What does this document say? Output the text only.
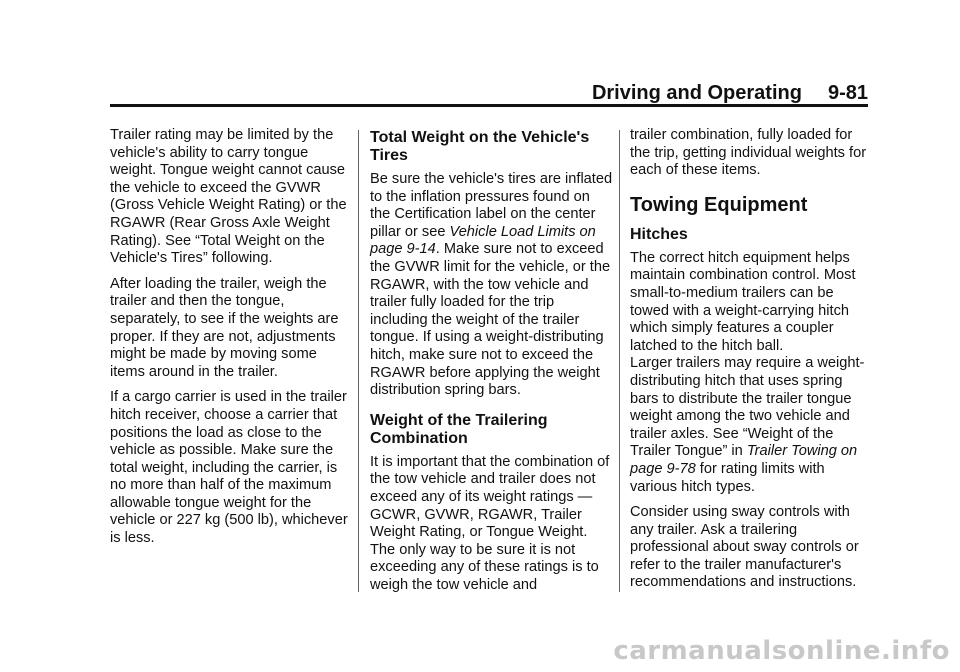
Driving and Operating 9-81

Trailer rating may be limited by the vehicle's ability to carry tongue weight. Tongue weight cannot cause the vehicle to exceed the GVWR (Gross Vehicle Weight Rating) or the RGAWR (Rear Gross Axle Weight Rating). See “Total Weight on the Vehicle's Tires” following.

After loading the trailer, weigh the trailer and then the tongue, separately, to see if the weights are proper. If they are not, adjustments might be made by moving some items around in the trailer.

If a cargo carrier is used in the trailer hitch receiver, choose a carrier that positions the load as close to the vehicle as possible. Make sure the total weight, including the carrier, is no more than half of the maximum allowable tongue weight for the vehicle or 227 kg (500 lb), whichever is less.

Total Weight on the Vehicle's Tires

Be sure the vehicle's tires are inflated to the inflation pressures found on the Certification label on the center pillar or see Vehicle Load Limits on page 9-14. Make sure not to exceed the GVWR limit for the vehicle, or the RGAWR, with the tow vehicle and trailer fully loaded for the trip including the weight of the trailer tongue. If using a weight-distributing hitch, make sure not to exceed the RGAWR before applying the weight distribution spring bars.

Weight of the Trailering Combination

It is important that the combination of the tow vehicle and trailer does not exceed any of its weight ratings — GCWR, GVWR, RGAWR, Trailer Weight Rating, or Tongue Weight. The only way to be sure it is not exceeding any of these ratings is to weigh the tow vehicle and

trailer combination, fully loaded for the trip, getting individual weights for each of these items.

Towing Equipment
Hitches

The correct hitch equipment helps maintain combination control. Most small-to-medium trailers can be towed with a weight-carrying hitch which simply features a coupler latched to the hitch ball.

Larger trailers may require a weight-distributing hitch that uses spring bars to distribute the trailer tongue weight among the two vehicle and trailer axles. See “Weight of the Trailer Tongue” in Trailer Towing on page 9-78 for rating limits with various hitch types.

Consider using sway controls with any trailer. Ask a trailering professional about sway controls or refer to the trailer manufacturer's recommendations and instructions.

carmanualsonline.info
